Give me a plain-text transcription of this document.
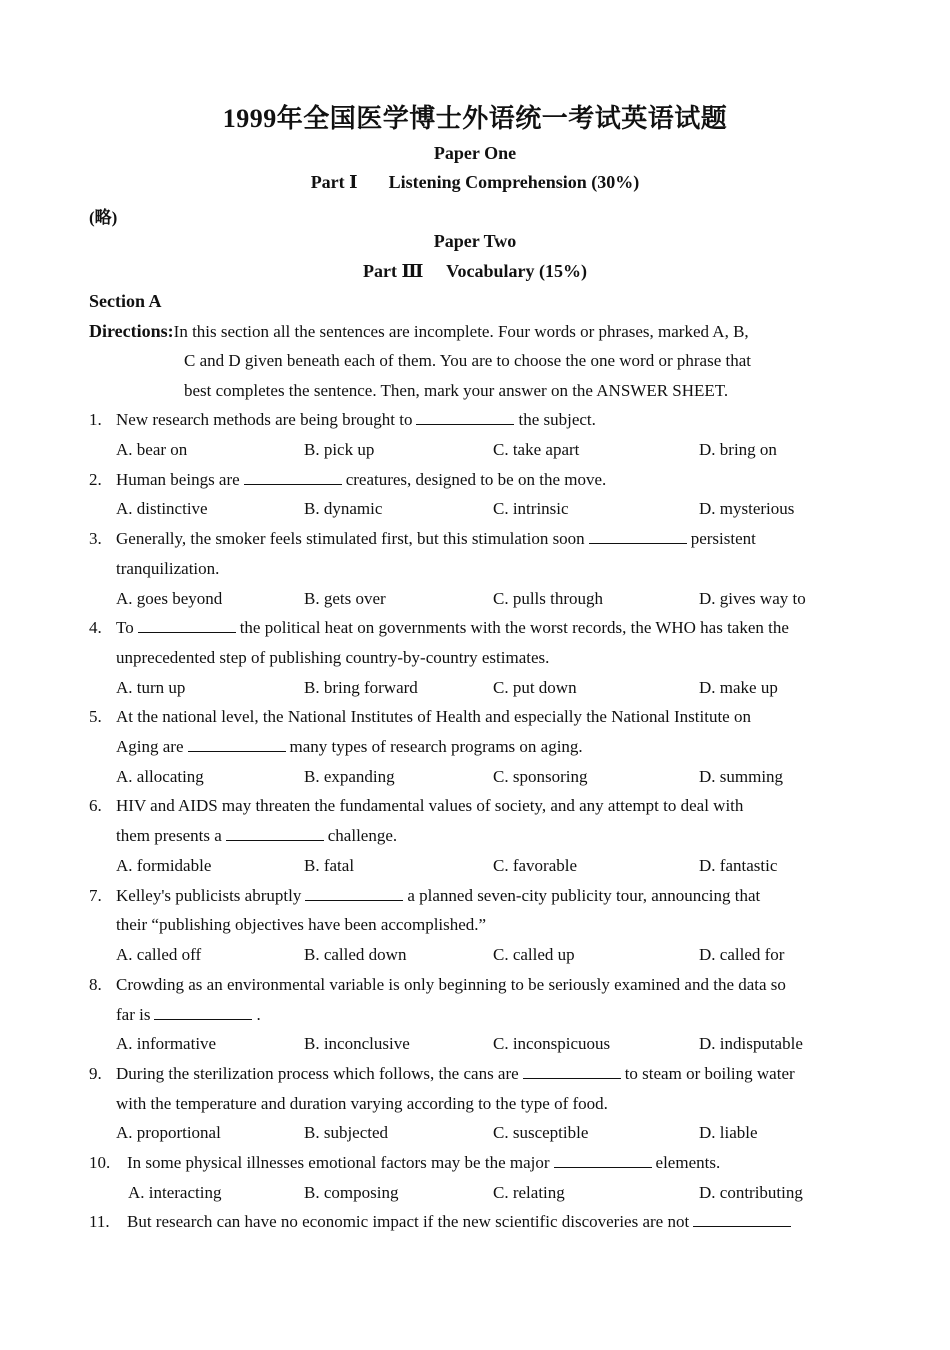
1999年全国医学博士外语统一考试英语试题
Paper One
Part Ⅰ Listening Comprehension (30%)
(略)
Paper Two
Part Ⅲ Vocabulary (15%)
Section A
Directions:In this section all the sentences are incomplete. Four words or phrases, marked A, B,
C and D given beneath each of them. You are to choose the one word or phrase that
best completes the sentence. Then, mark your answer on the ANSWER SHEET.
1. New research methods are being brought to	the subject.
A. bear on	B. pick up	C. take apart	D. bring on
2. Human beings are	creatures, designed to be on the move.
A. distinctive	B. dynamic	C. intrinsic	D. mysterious
3. Generally, the smoker feels stimulated first, but this stimulation soon	persistent
tranquilization.
A. goes beyond	B. gets over	C. pulls through	D. gives way to
4. To	the political heat on governments with the worst records, the WHO has taken the
unprecedented step of publishing country-by-country estimates.
A. turn up	B. bring forward	C. put down	D. make up
5. At the national level, the National Institutes of Health and especially the National Institute on
Aging are	many types of research programs on aging.
A. allocating	B. expanding	C. sponsoring	D. summing
6. HIV and AIDS may threaten the fundamental values of society, and any attempt to deal with
them presents a	challenge.
A. formidable	B. fatal	C. favorable	D. fantastic
7. Kelley's publicists abruptly	a planned seven-city publicity tour, announcing that
their “publishing objectives have been accomplished.”
A. called off	B. called down	C. called up	D. called for
8. Crowding as an environmental variable is only beginning to be seriously examined and the data so
far is	.
A. informative	B. inconclusive	C. inconspicuous	D. indisputable
9. During the sterilization process which follows, the cans are	to steam or boiling water
with the temperature and duration varying according to the type of food.
A. proportional	B. subjected	C. susceptible	D. liable
10. In some physical illnesses emotional factors may be the major	elements.
A. interacting	B. composing	C. relating	D. contributing
11. But research can have no economic impact if the new scientific discoveries are not
